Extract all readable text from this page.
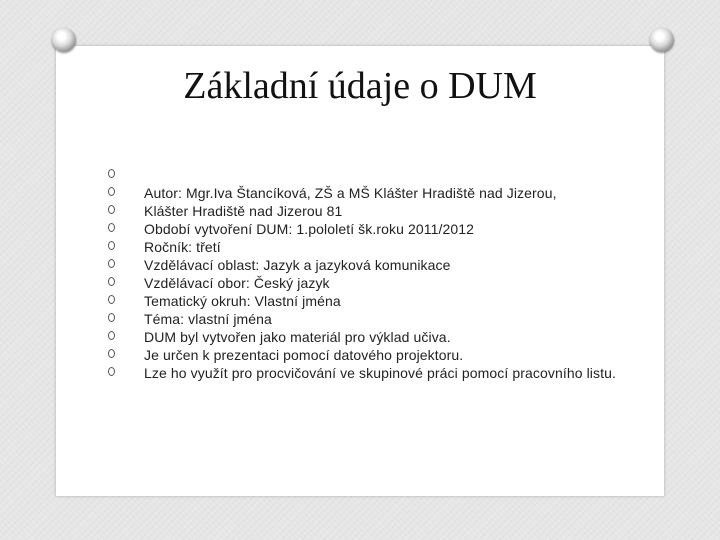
Základní údaje o DUM

Autor: Mgr.Iva Štancíková, ZŠ a MŠ Klášter Hradiště nad Jizerou,
Klášter Hradiště nad Jizerou 81
Období vytvoření DUM: 1.pololetí šk.roku 2011/2012
Ročník: třetí
Vzdělávací oblast: Jazyk a jazyková komunikace
Vzdělávací obor: Český jazyk
Tematický okruh: Vlastní jména
Téma: vlastní jména
DUM byl vytvořen jako materiál pro výklad učiva.
Je určen k prezentaci pomocí datového projektoru.
Lze ho využít pro procvičování ve skupinové práci pomocí pracovního listu.
